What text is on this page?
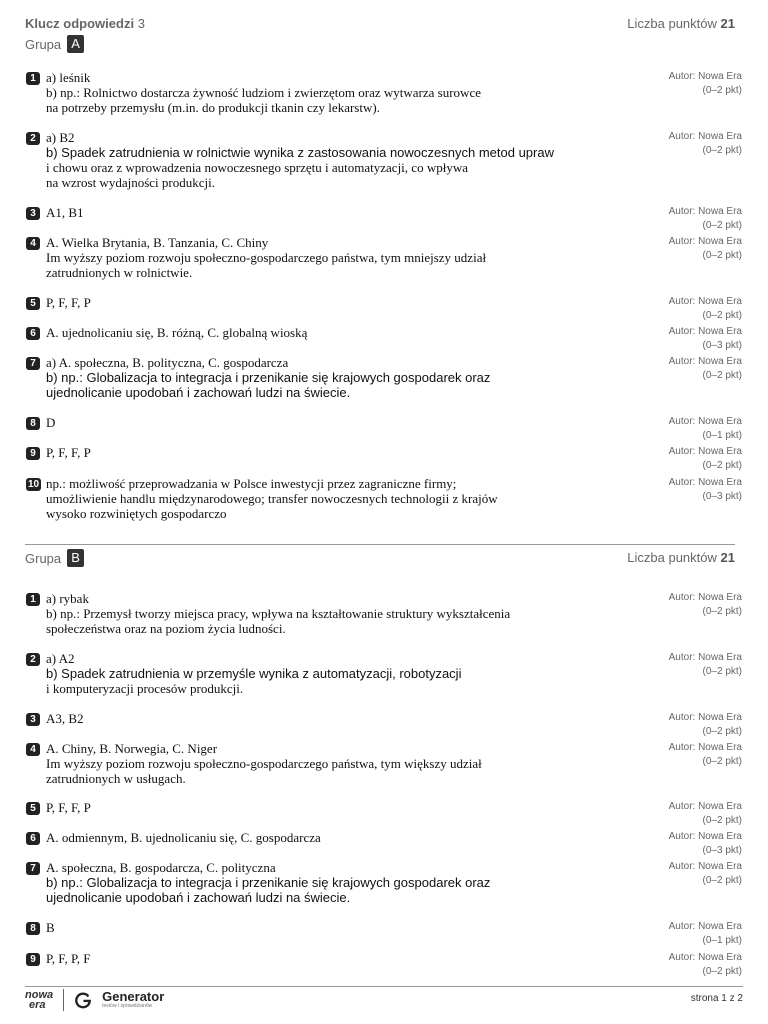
Klucz odpowiedzi 3	Liczba punktów 21
Grupa A
1 a) leśnik
b) np.: Rolnictwo dostarcza żywność ludziom i zwierzętom oraz wytwarza surowce
na potrzeby przemysłu (m.in. do produkcji tkanin czy lekarstw).
Autor: Nowa Era
(0–2 pkt)
2 a) B2
b) Spadek zatrudnienia w rolnictwie wynika z zastosowania nowoczesnych metod upraw
i chowu oraz z wprowadzenia nowoczesnego sprzętu i automatyzacji, co wpływa
na wzrost wydajności produkcji.
Autor: Nowa Era
(0–2 pkt)
3 A1, B1	Autor: Nowa Era
(0–2 pkt)
4 A. Wielka Brytania, B. Tanzania, C. Chiny
Im wyższy poziom rozwoju społeczno-gospodarczego państwa, tym mniejszy udział
zatrudnionych w rolnictwie.
Autor: Nowa Era
(0–2 pkt)
5 P, F, F, P	Autor: Nowa Era
(0–2 pkt)
6 A. ujednolicaniu się, B. różną, C. globalną wioską	Autor: Nowa Era
(0–3 pkt)
7 a) A. społeczna, B. polityczna, C. gospodarcza
b) np.: Globalizacja to integracja i przenikanie się krajowych gospodarek oraz
ujednolicanie upodobań i zachowań ludzi na świecie.
Autor: Nowa Era
(0–2 pkt)
8 D	Autor: Nowa Era
(0–1 pkt)
9 P, F, F, P	Autor: Nowa Era
(0–2 pkt)
10 np.: możliwość przeprowadzania w Polsce inwestycji przez zagraniczne firmy;
umożliwienie handlu międzynarodowego; transfer nowoczesnych technologii z krajów
wysoko rozwiniętych gospodarczo
Autor: Nowa Era
(0–3 pkt)
Grupa B	Liczba punktów 21
1 a) rybak
b) np.: Przemysł tworzy miejsca pracy, wpływa na kształtowanie struktury wykształcenia
społeczeństwa oraz na poziom życia ludności.
Autor: Nowa Era
(0–2 pkt)
2 a) A2
b) Spadek zatrudnienia w przemyśle wynika z automatyzacji, robotyzacji
i komputeryzacji procesów produkcji.
Autor: Nowa Era
(0–2 pkt)
3 A3, B2	Autor: Nowa Era
(0–2 pkt)
4 A. Chiny, B. Norwegia, C. Niger
Im wyższy poziom rozwoju społeczno-gospodarczego państwa, tym większy udział
zatrudnionych w usługach.
Autor: Nowa Era
(0–2 pkt)
5 P, F, F, P	Autor: Nowa Era
(0–2 pkt)
6 A. odmiennym, B. ujednolicaniu się, C. gospodarcza	Autor: Nowa Era
(0–3 pkt)
7 A. społeczna, B. gospodarcza, C. polityczna
b) np.: Globalizacja to integracja i przenikanie się krajowych gospodarek oraz
ujednolicanie upodobań i zachowań ludzi na świecie.
Autor: Nowa Era
(0–2 pkt)
8 B	Autor: Nowa Era
(0–1 pkt)
9 P, F, P, F	Autor: Nowa Era
(0–2 pkt)
nowa
era
Generator
testów i sprawdzianów
strona 1 z 2
